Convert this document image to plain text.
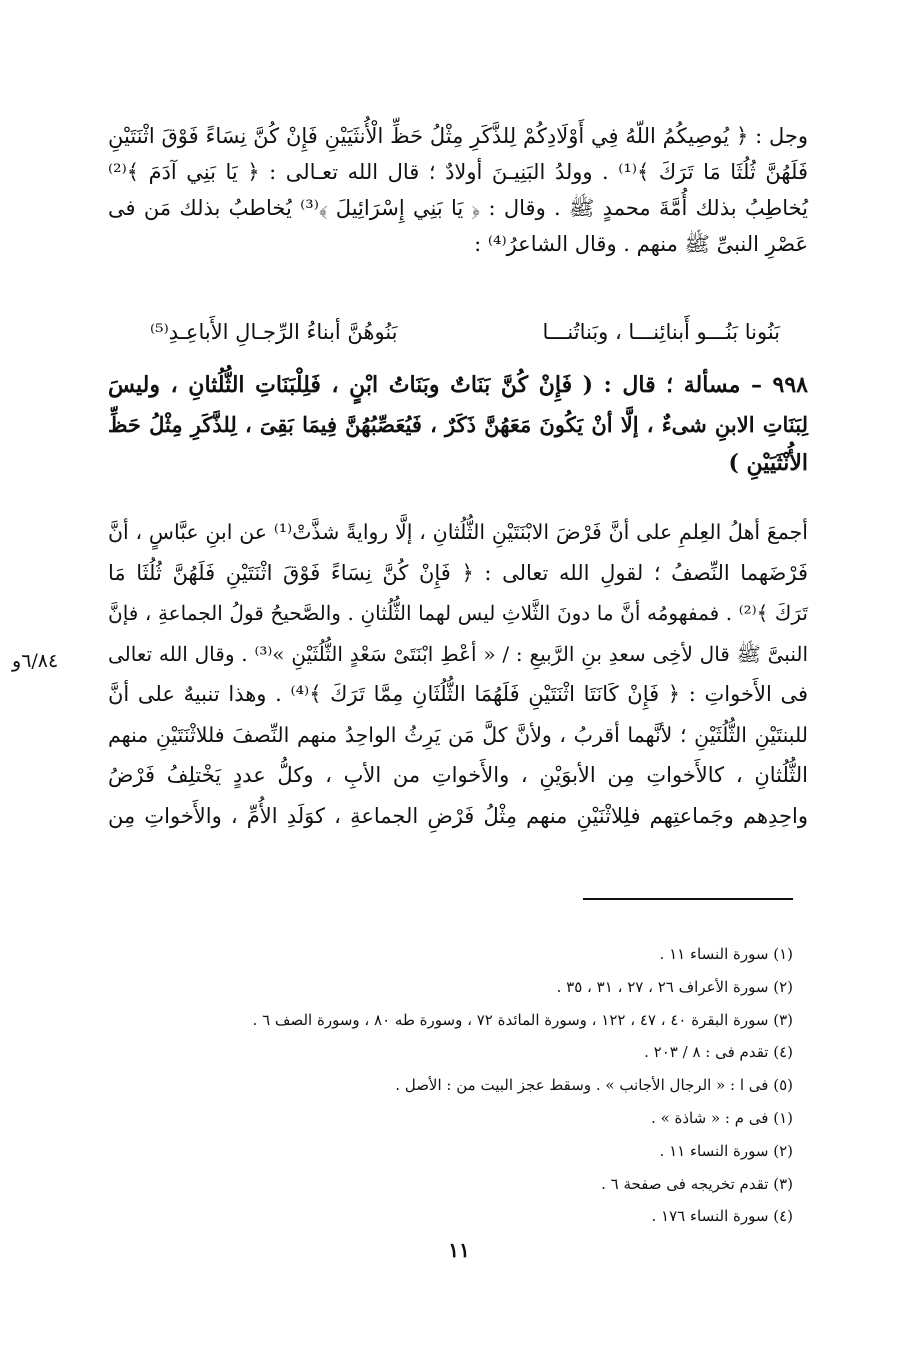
وجل : ﴿ يُوصِيكُمُ اللّهُ فِي أَوْلَادِكُمْ لِلذَّكَرِ مِثْلُ حَظِّ الْأُنثَيَيْنِ فَإِنْ كُنَّ نِسَاءً فَوْقَ اثْنَتَيْنِ
فَلَهُنَّ ثُلُثَا مَا تَرَكَ ﴾⁽¹⁾ . وولدُ البَنِيـنَ أولادٌ ؛ قال الله تعـالى : ﴿ يَا بَنِي آدَمَ ﴾⁽²⁾
يُخاطِبُ بذلك أُمَّةَ محمدٍ ﷺ . وقال : ﴿ يَا بَنِي إِسْرَائِيلَ ﴾⁽³⁾ يُخاطبُ بذلك مَن فى
عَصْرِ النبىِّ ﷺ منهم . وقال الشاعرُ⁽⁴⁾ :
بَنُونا بَنُـــو أَبنائِنـــا ، وبَناتُنـــا
بَنُوهُنَّ أبناءُ الرِّجـالِ الأَباعِـدِ⁽⁵⁾
٩٩٨ – مسألة ؛ قال : ( فَإِنْ كُنَّ بَنَاتٌ وبَنَاتُ ابْنٍ ، فَلِلْبَنَاتِ الثُّلُثانِ ، وليسَ
لِبَنَاتِ الابنِ شىءٌ ، إلَّا أنْ يَكُونَ مَعَهُنَّ ذَكَرٌ ، فَيُعَصِّبُهُنَّ فِيمَا بَقِىَ ، لِلذَّكَرِ مِثْلُ حَظِّ
الأُنْثَيَيْنِ )
أجمعَ أهلُ العِلمِ على أنَّ فَرْضَ الابْنَتَيْنِ الثُّلُثانِ ، إلَّا روايةً شذَّتْ⁽¹⁾ عن ابنِ عبَّاسٍ ، أنَّ
فَرْضَهما النِّصفُ ؛ لقولِ الله تعالى : ﴿ فَإِنْ كُنَّ نِسَاءً فَوْقَ اثْنَتَيْنِ فَلَهُنَّ ثُلُثَا مَا
تَرَكَ ﴾⁽²⁾ . فمفهومُه أنَّ ما دونَ الثَّلاثِ ليس لهما الثُّلُثانِ . والصَّحيحُ قولُ الجماعةِ ، فإنَّ
النبىَّ ﷺ قال لأخِى سعدِ بنِ الرَّبيعِ : / « أعْطِ ابْنَتَىْ سَعْدٍ الثُّلُثَيْنِ »⁽³⁾ . وقال الله تعالى
فى الأَخواتِ : ﴿ فَإِنْ كَانَتَا اثْنَتَيْنِ فَلَهُمَا الثُّلُثَانِ مِمَّا تَرَكَ ﴾⁽⁴⁾ . وهذا تنبيهٌ على أنَّ
للبنتَيْنِ الثُّلُثَيْنِ ؛ لأنَّهما أقربُ ، ولأنَّ كلَّ مَن يَرِثُ الواحِدُ منهم النِّصفَ فللاثْنَتَيْنِ منهم
الثُّلُثانِ ، كالأَخواتِ مِن الأبوَيْنِ ، والأَخواتِ من الأبِ ، وكلُّ عددٍ يَخْتلِفُ فَرْضُ
واحِدِهم وجَماعتِهم فلِلاثْنَيْنِ منهم مِثْلُ فَرْضِ الجماعةِ ، كوَلَدِ الأُمِّ ، والأَخواتِ مِن
٦/٨٤و
(١) سورة النساء ١١ .
(٢) سورة الأعراف ٢٦ ، ٢٧ ، ٣١ ، ٣٥ .
(٣) سورة البقرة ٤٠ ، ٤٧ ، ١٢٢ ، وسورة المائدة ٧٢ ، وسورة طه ٨٠ ، وسورة الصف ٦ .
(٤) تقدم فى : ٨ / ٢٠٣ .
(٥) فى ا : « الرجال الأجانب » . وسقط عجز البيت من : الأصل .
(١) فى م : « شاذة » .
(٢) سورة النساء ١١ .
(٣) تقدم تخريجه فى صفحة ٦ .
(٤) سورة النساء ١٧٦ .
١١
